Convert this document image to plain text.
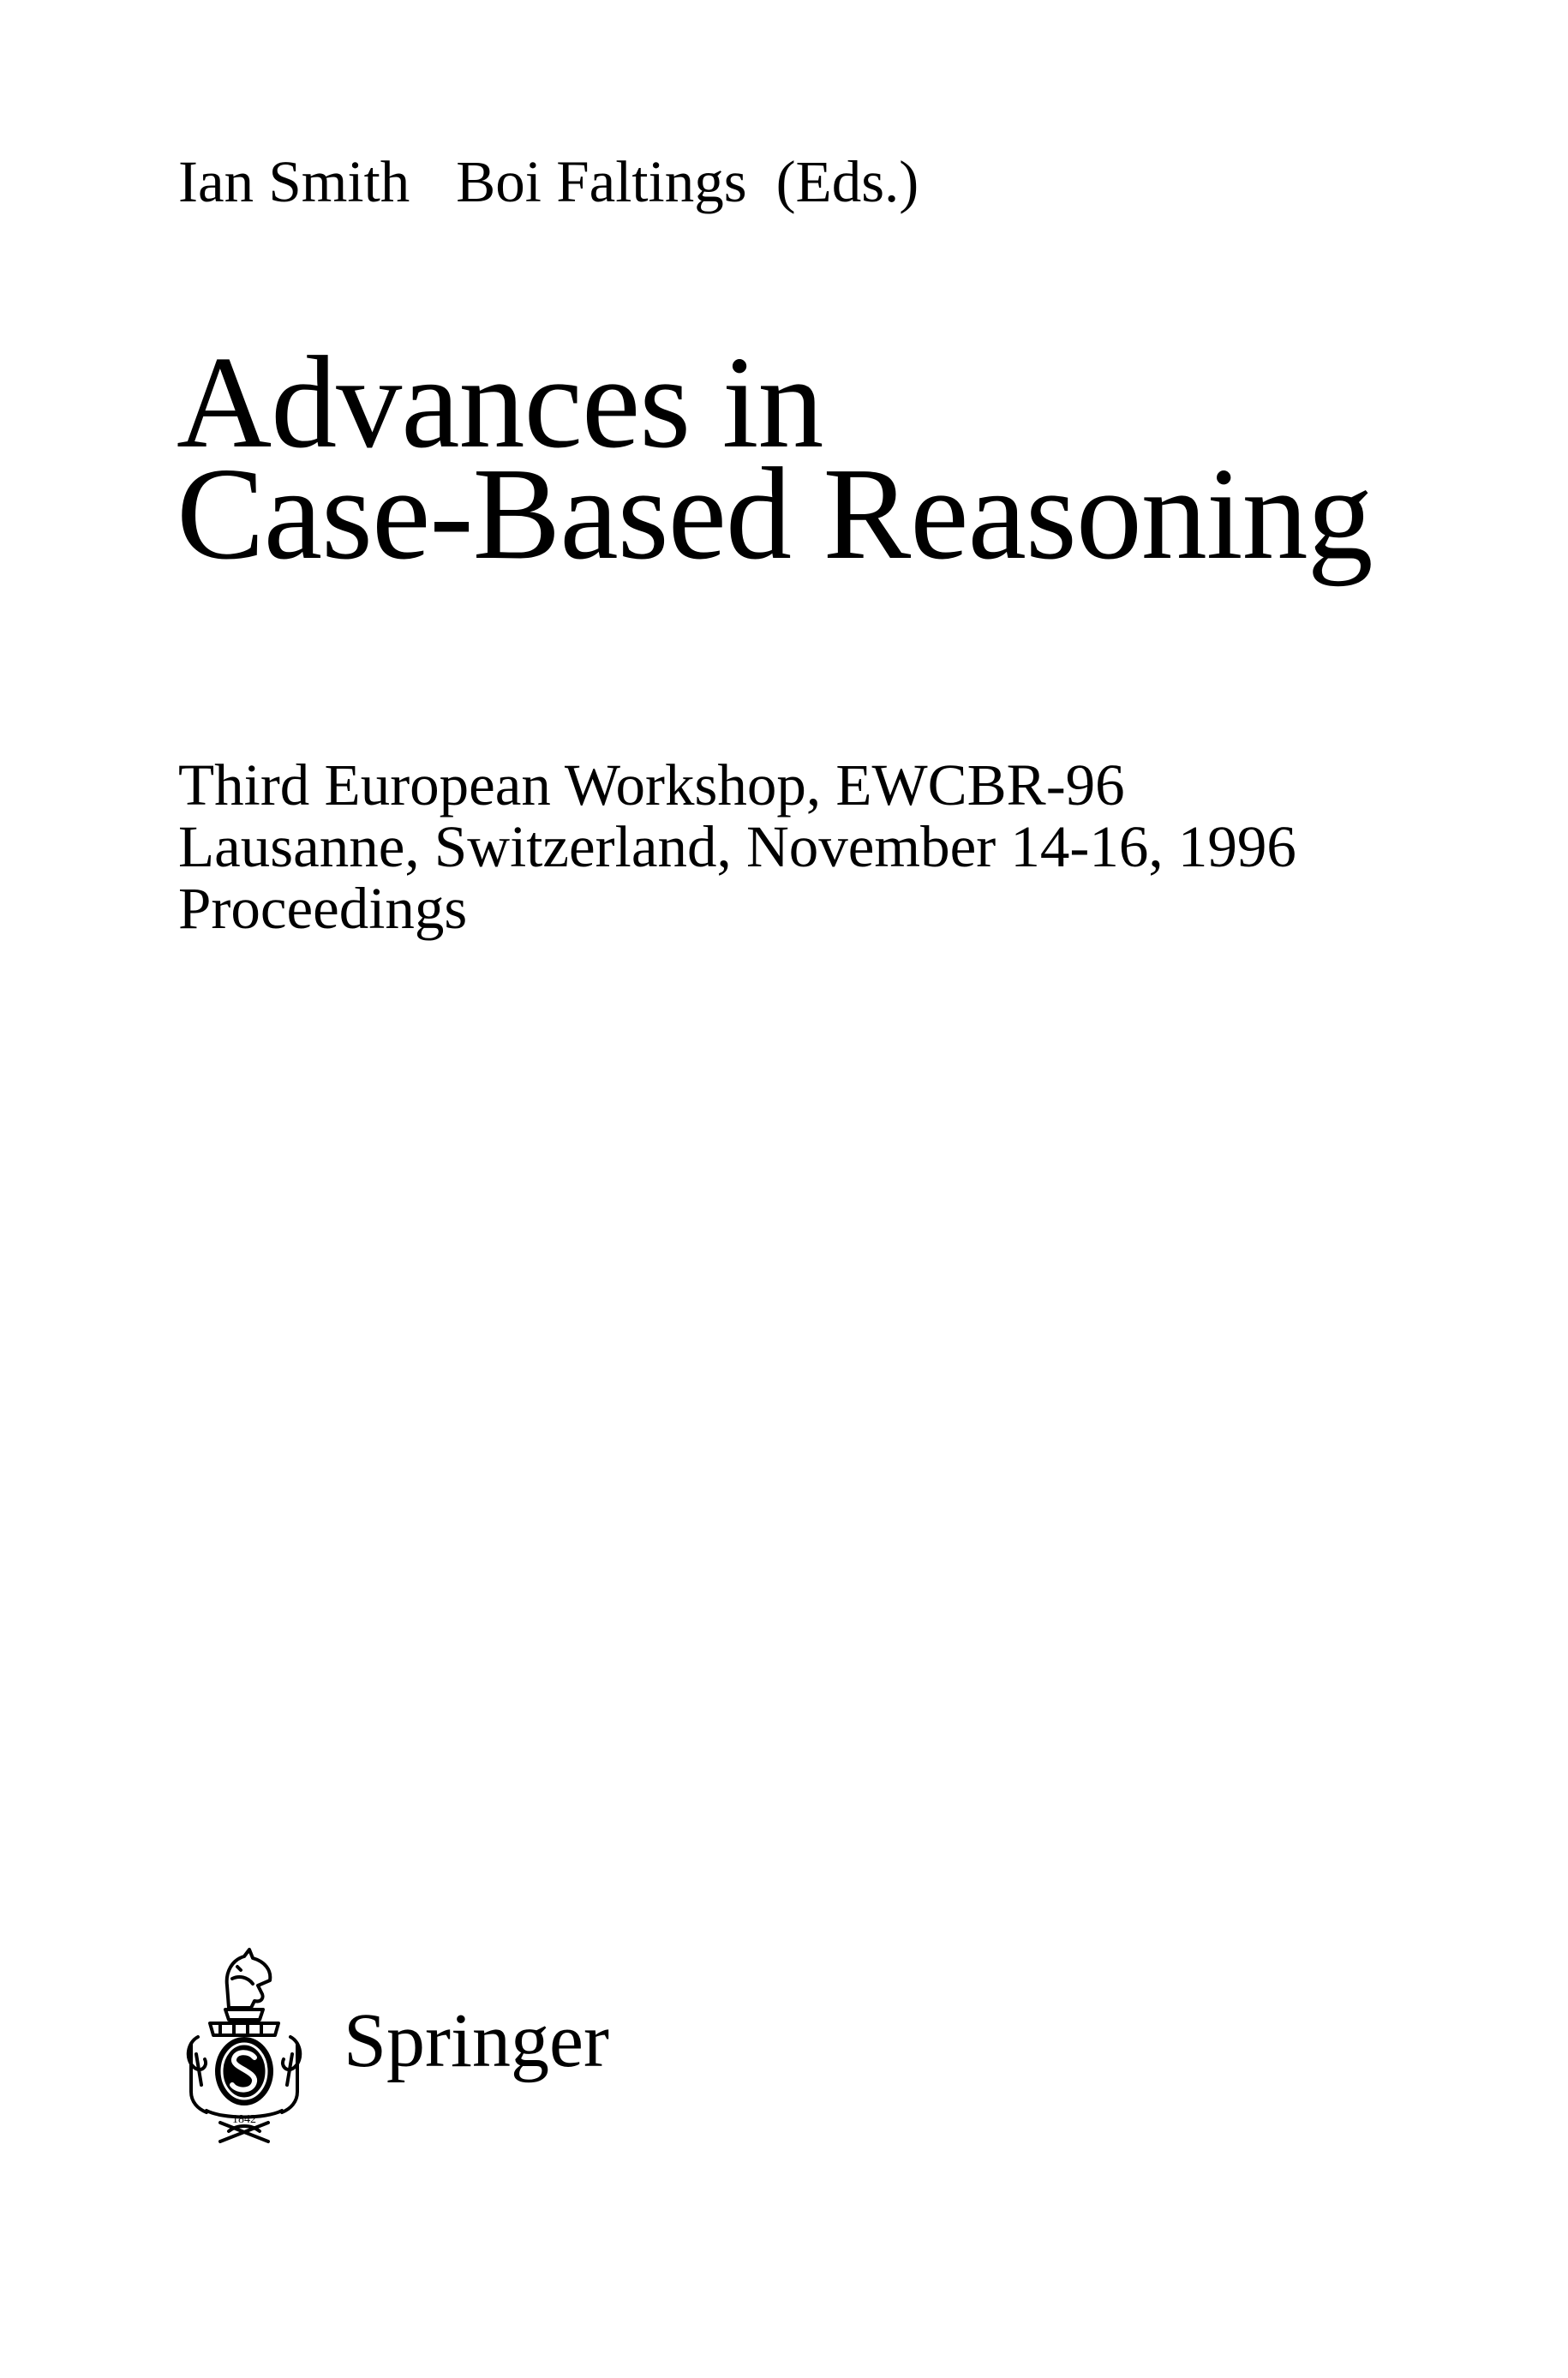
Ian Smith Boi Faltings (Eds.)
Advances in
Case-Based Reasoning
Third European Workshop, EWCBR-96
Lausanne, Switzerland, November 14-16, 1996
Proceedings
1842
Springer
